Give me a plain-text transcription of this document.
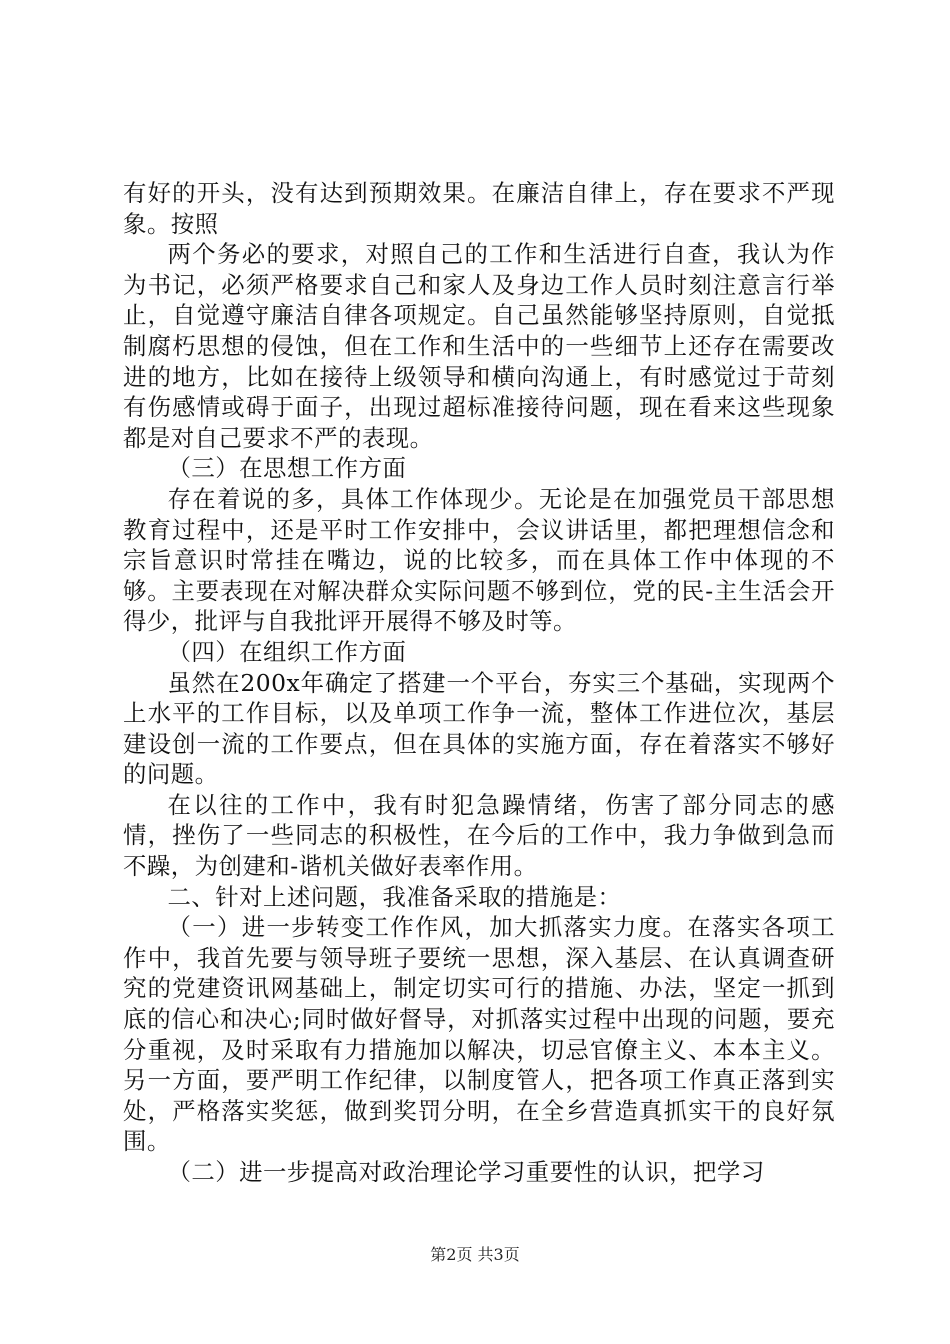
有好的开头，没有达到预期效果。在廉洁自律上，存在要求不严现象。按照

两个务必的要求，对照自己的工作和生活进行自查，我认为作为书记，必须严格要求自己和家人及身边工作人员时刻注意言行举止，自觉遵守廉洁自律各项规定。自己虽然能够坚持原则，自觉抵制腐朽思想的侵蚀，但在工作和生活中的一些细节上还存在需要改进的地方，比如在接待上级领导和横向沟通上，有时感觉过于苛刻有伤感情或碍于面子，出现过超标准接待问题，现在看来这些现象都是对自己要求不严的表现。

（三）在思想工作方面

存在着说的多，具体工作体现少。无论是在加强党员干部思想教育过程中，还是平时工作安排中，会议讲话里，都把理想信念和宗旨意识时常挂在嘴边，说的比较多，而在具体工作中体现的不够。主要表现在对解决群众实际问题不够到位，党的民-主生活会开得少，批评与自我批评开展得不够及时等。

（四）在组织工作方面

虽然在200x年确定了搭建一个平台，夯实三个基础，实现两个上水平的工作目标，以及单项工作争一流，整体工作进位次，基层建设创一流的工作要点，但在具体的实施方面，存在着落实不够好的问题。

在以往的工作中，我有时犯急躁情绪，伤害了部分同志的感情，挫伤了一些同志的积极性，在今后的工作中，我力争做到急而不躁，为创建和-谐机关做好表率作用。

二、针对上述问题，我准备采取的措施是：

（一）进一步转变工作作风，加大抓落实力度。在落实各项工作中，我首先要与领导班子要统一思想，深入基层、在认真调查研究的党建资讯网基础上，制定切实可行的措施、办法，坚定一抓到底的信心和决心;同时做好督导，对抓落实过程中出现的问题，要充分重视，及时采取有力措施加以解决，切忌官僚主义、本本主义。另一方面，要严明工作纪律，以制度管人，把各项工作真正落到实处，严格落实奖惩，做到奖罚分明，在全乡营造真抓实干的良好氛围。

（二）进一步提高对政治理论学习重要性的认识，把学习

第2页 共3页
